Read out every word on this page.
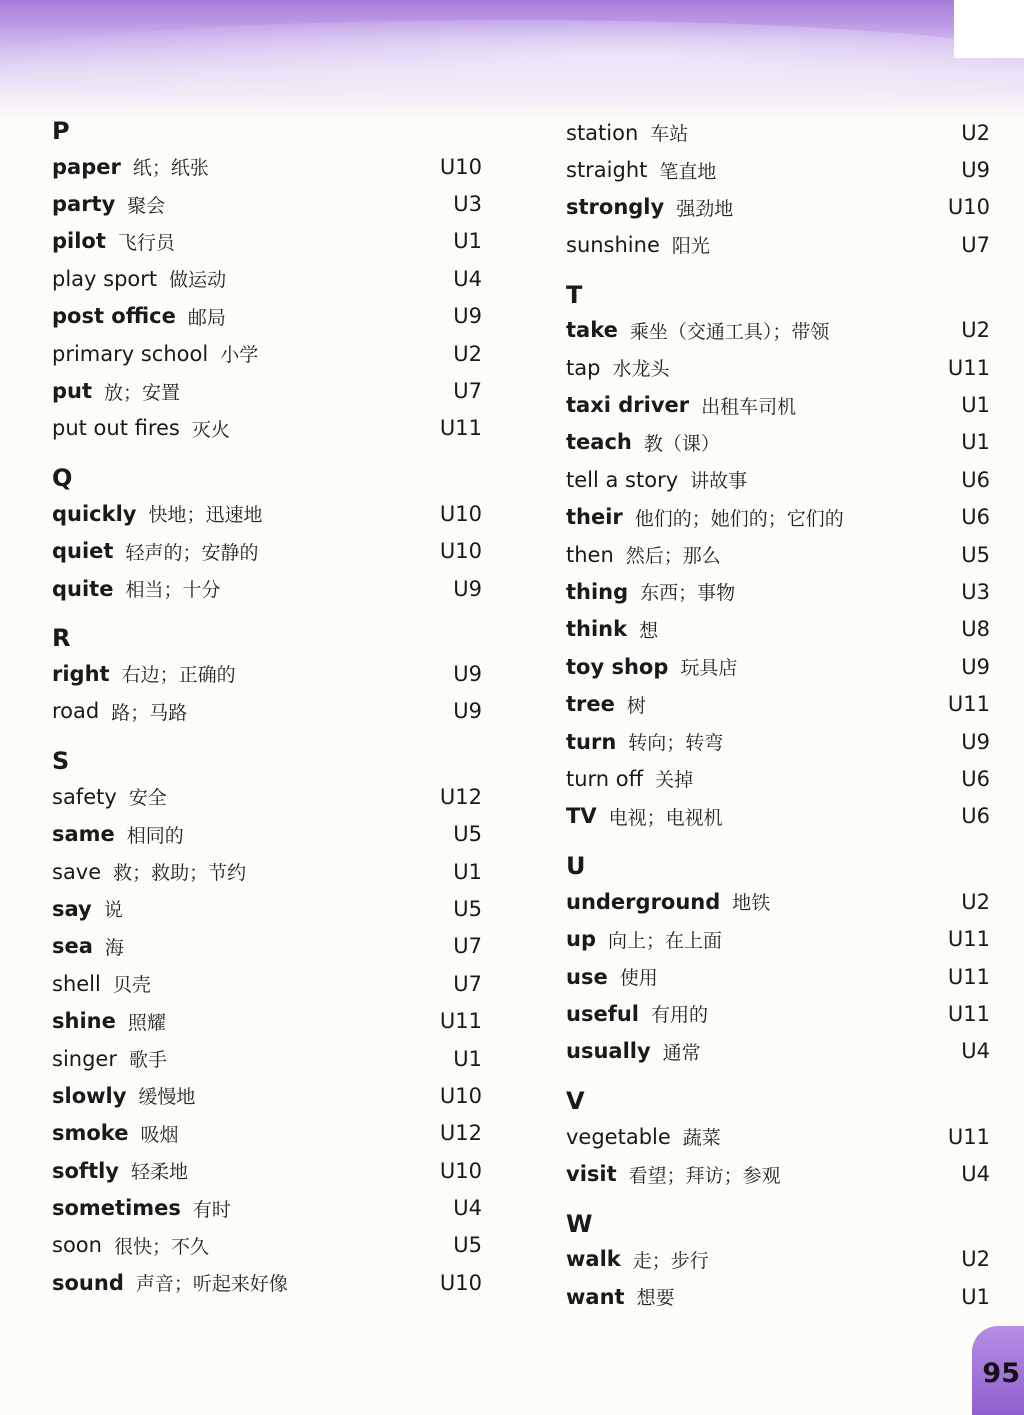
P
paper 纸；纸张	U10
party 聚会	U3
pilot 飞行员	U1
play sport 做运动	U4
post office 邮局	U9
primary school 小学	U2
put 放；安置	U7
put out fires 灭火	U11
Q
quickly 快地；迅速地	U10
quiet 轻声的；安静的	U10
quite 相当；十分	U9
R
right 右边；正确的	U9
road 路；马路	U9
S
safety 安全	U12
same 相同的	U5
save 救；救助；节约	U1
say 说	U5
sea 海	U7
shell 贝壳	U7
shine 照耀	U11
singer 歌手	U1
slowly 缓慢地	U10
smoke 吸烟	U12
softly 轻柔地	U10
sometimes 有时	U4
soon 很快；不久	U5
sound 声音；听起来好像	U10
station 车站	U2
straight 笔直地	U9
strongly 强劲地	U10
sunshine 阳光	U7
T
take 乘坐（交通工具）；带领	U2
tap 水龙头	U11
taxi driver 出租车司机	U1
teach 教（课）	U1
tell a story 讲故事	U6
their 他们的；她们的；它们的	U6
then 然后；那么	U5
thing 东西；事物	U3
think 想	U8
toy shop 玩具店	U9
tree 树	U11
turn 转向；转弯	U9
turn off 关掉	U6
TV 电视；电视机	U6
U
underground 地铁	U2
up 向上；在上面	U11
use 使用	U11
useful 有用的	U11
usually 通常	U4
V
vegetable 蔬菜	U11
visit 看望；拜访；参观	U4
W
walk 走；步行	U2
want 想要	U1
95
